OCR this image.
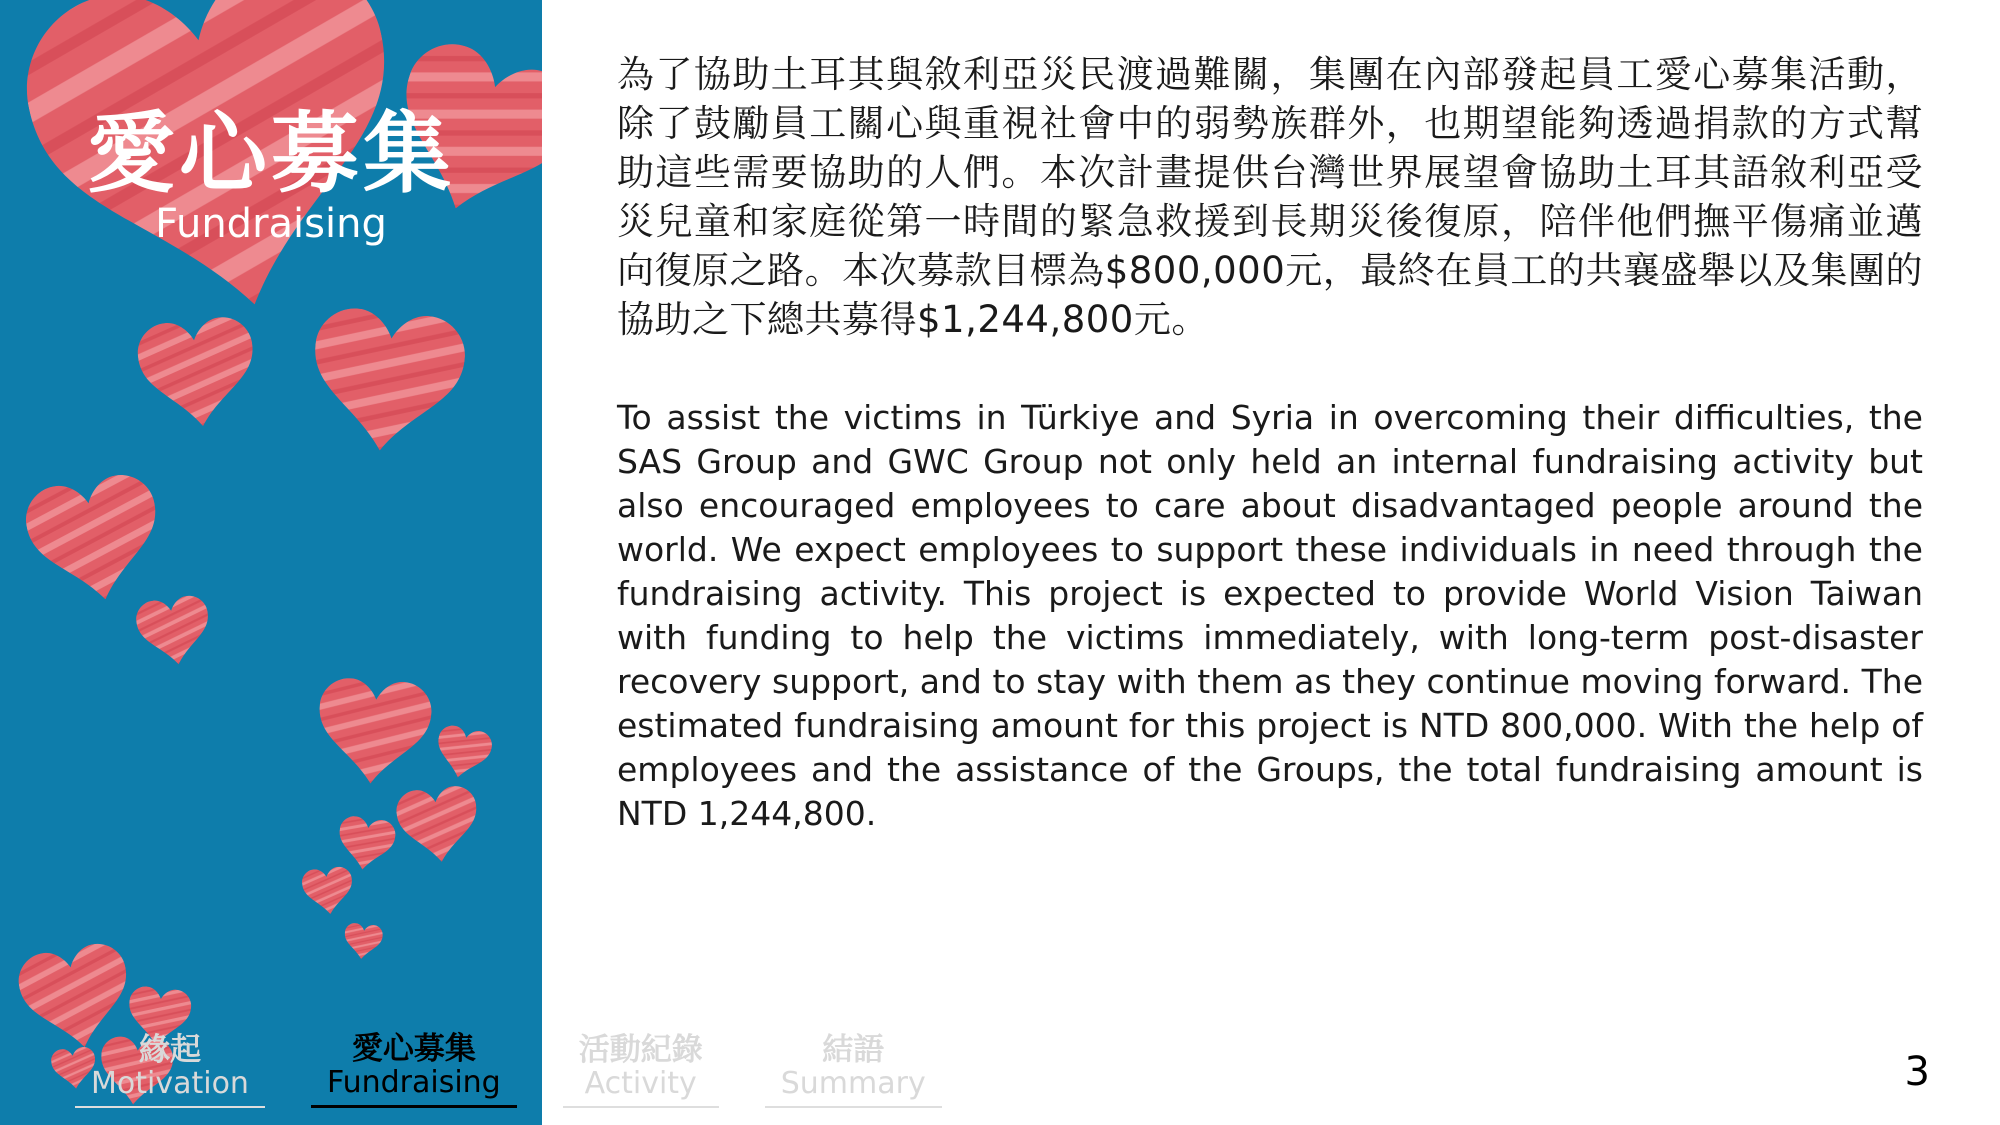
愛心募集
Fundraising

為了協助土耳其與敘利亞災民渡過難關，集團在內部發起員工愛心募集活動，除了鼓勵員工關心與重視社會中的弱勢族群外，也期望能夠透過捐款的方式幫助這些需要協助的人們。本次計畫提供台灣世界展望會協助土耳其語敘利亞受災兒童和家庭從第一時間的緊急救援到長期災後復原，陪伴他們撫平傷痛並邁向復原之路。本次募款目標為$800,000元，最終在員工的共襄盛舉以及集團的協助之下總共募得$1,244,800元。

To assist the victims in Türkiye and Syria in overcoming their difficulties, the SAS Group and GWC Group not only held an internal fundraising activity but also encouraged employees to care about disadvantaged people around the world. We expect employees to support these individuals in need through the fundraising activity. This project is expected to provide World Vision Taiwan with funding to help the victims immediately, with long-term post-disaster recovery support, and to stay with them as they continue moving forward. The estimated fundraising amount for this project is NTD 800,000. With the help of employees and the assistance of the Groups, the total fundraising amount is NTD 1,244,800.

緣起
Motivation
愛心募集
Fundraising
活動紀錄
Activity
結語
Summary	3
